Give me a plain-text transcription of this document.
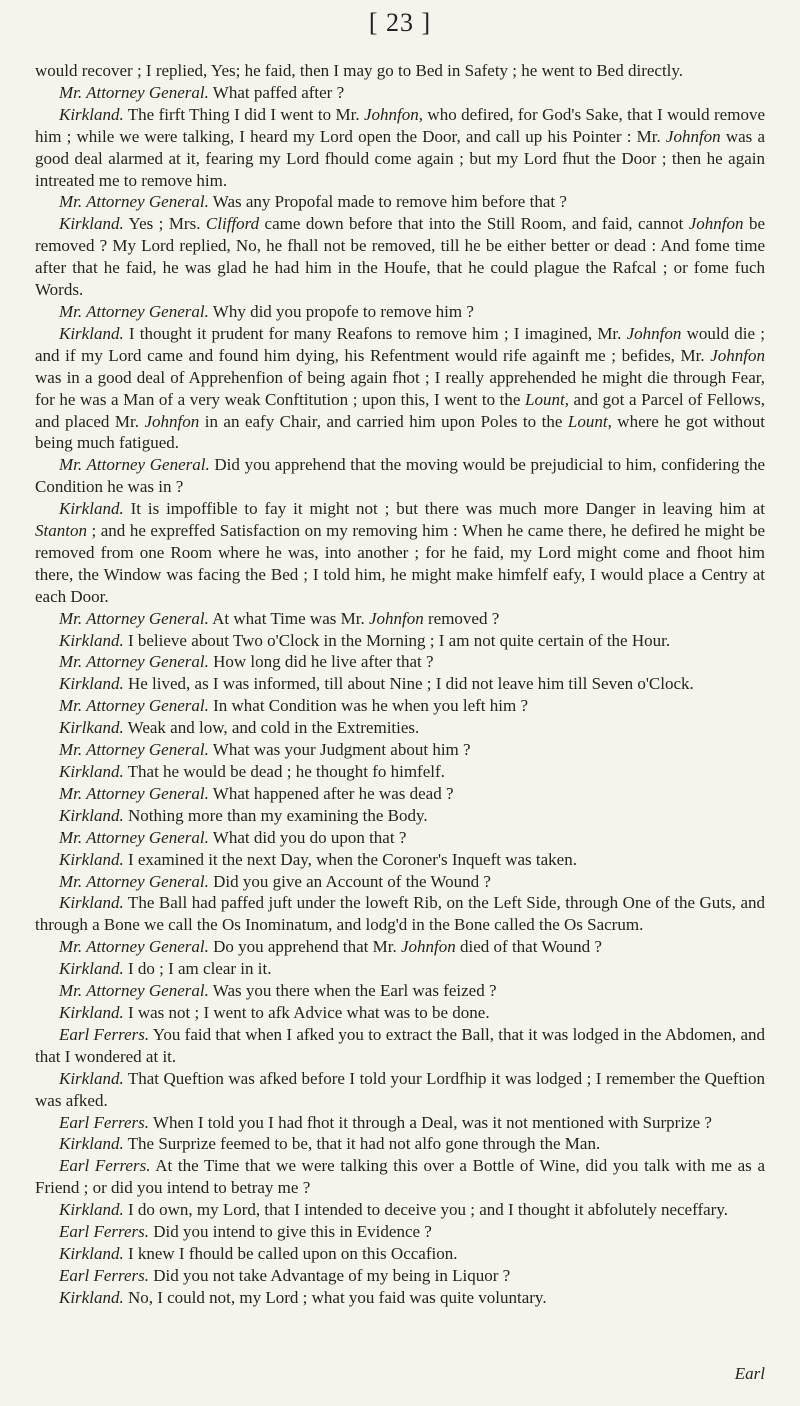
[ 23 ]

would recover ; I replied, Yes; he faid, then I may go to Bed in Safety ; he went to Bed directly.

Mr. Attorney General. What paffed after ?

Kirkland. The firft Thing I did I went to Mr. Johnfon, who defired, for God's Sake, that I would remove him ; while we were talking, I heard my Lord open the Door, and call up his Pointer : Mr. Johnfon was a good deal alarmed at it, fearing my Lord fhould come again ; but my Lord fhut the Door ; then he again intreated me to remove him.

Mr. Attorney General. Was any Propofal made to remove him before that ?

Kirkland. Yes ; Mrs. Clifford came down before that into the Still Room, and faid, cannot Johnfon be removed ? My Lord replied, No, he fhall not be removed, till he be either better or dead : And fome time after that he faid, he was glad he had him in the Houfe, that he could plague the Rafcal ; or fome fuch Words.

Mr. Attorney General. Why did you propofe to remove him ?

Kirkland. I thought it prudent for many Reafons to remove him ; I imagined, Mr. Johnfon would die ; and if my Lord came and found him dying, his Refentment would rife againft me ; befides, Mr. Johnfon was in a good deal of Apprehenfion of being again fhot ; I really apprehended he might die through Fear, for he was a Man of a very weak Conftitution ; upon this, I went to the Lount, and got a Parcel of Fellows, and placed Mr. Johnfon in an eafy Chair, and carried him upon Poles to the Lount, where he got without being much fatigued.

Mr. Attorney General. Did you apprehend that the moving would be prejudicial to him, confidering the Condition he was in ?

Kirkland. It is impoffible to fay it might not ; but there was much more Danger in leaving him at Stanton ; and he expreffed Satisfaction on my removing him : When he came there, he defired he might be removed from one Room where he was, into another ; for he faid, my Lord might come and fhoot him there, the Window was facing the Bed ; I told him, he might make himfelf eafy, I would place a Centry at each Door.

Mr. Attorney General. At what Time was Mr. Johnfon removed ?

Kirkland. I believe about Two o'Clock in the Morning ; I am not quite certain of the Hour.

Mr. Attorney General. How long did he live after that ?

Kirkland. He lived, as I was informed, till about Nine ; I did not leave him till Seven o'Clock.

Mr. Attorney General. In what Condition was he when you left him ?

Kirlkand. Weak and low, and cold in the Extremities.

Mr. Attorney General. What was your Judgment about him ?

Kirkland. That he would be dead ; he thought fo himfelf.

Mr. Attorney General. What happened after he was dead ?

Kirkland. Nothing more than my examining the Body.

Mr. Attorney General. What did you do upon that ?

Kirkland. I examined it the next Day, when the Coroner's Inqueft was taken.

Mr. Attorney General. Did you give an Account of the Wound ?

Kirkland. The Ball had paffed juft under the loweft Rib, on the Left Side, through One of the Guts, and through a Bone we call the Os Inominatum, and lodg'd in the Bone called the Os Sacrum.

Mr. Attorney General. Do you apprehend that Mr. Johnfon died of that Wound ?

Kirkland. I do ; I am clear in it.

Mr. Attorney General. Was you there when the Earl was feized ?

Kirkland. I was not ; I went to afk Advice what was to be done.

Earl Ferrers. You faid that when I afked you to extract the Ball, that it was lodged in the Abdomen, and that I wondered at it.

Kirkland. That Queftion was afked before I told your Lordfhip it was lodged ; I remember the Queftion was afked.

Earl Ferrers. When I told you I had fhot it through a Deal, was it not mentioned with Surprize ?

Kirkland. The Surprize feemed to be, that it had not alfo gone through the Man.

Earl Ferrers. At the Time that we were talking this over a Bottle of Wine, did you talk with me as a Friend ; or did you intend to betray me ?

Kirkland. I do own, my Lord, that I intended to deceive you ; and I thought it abfolutely neceffary.

Earl Ferrers. Did you intend to give this in Evidence ?

Kirkland. I knew I fhould be called upon on this Occafion.

Earl Ferrers. Did you not take Advantage of my being in Liquor ?

Kirkland. No, I could not, my Lord ; what you faid was quite voluntary.

Earl
